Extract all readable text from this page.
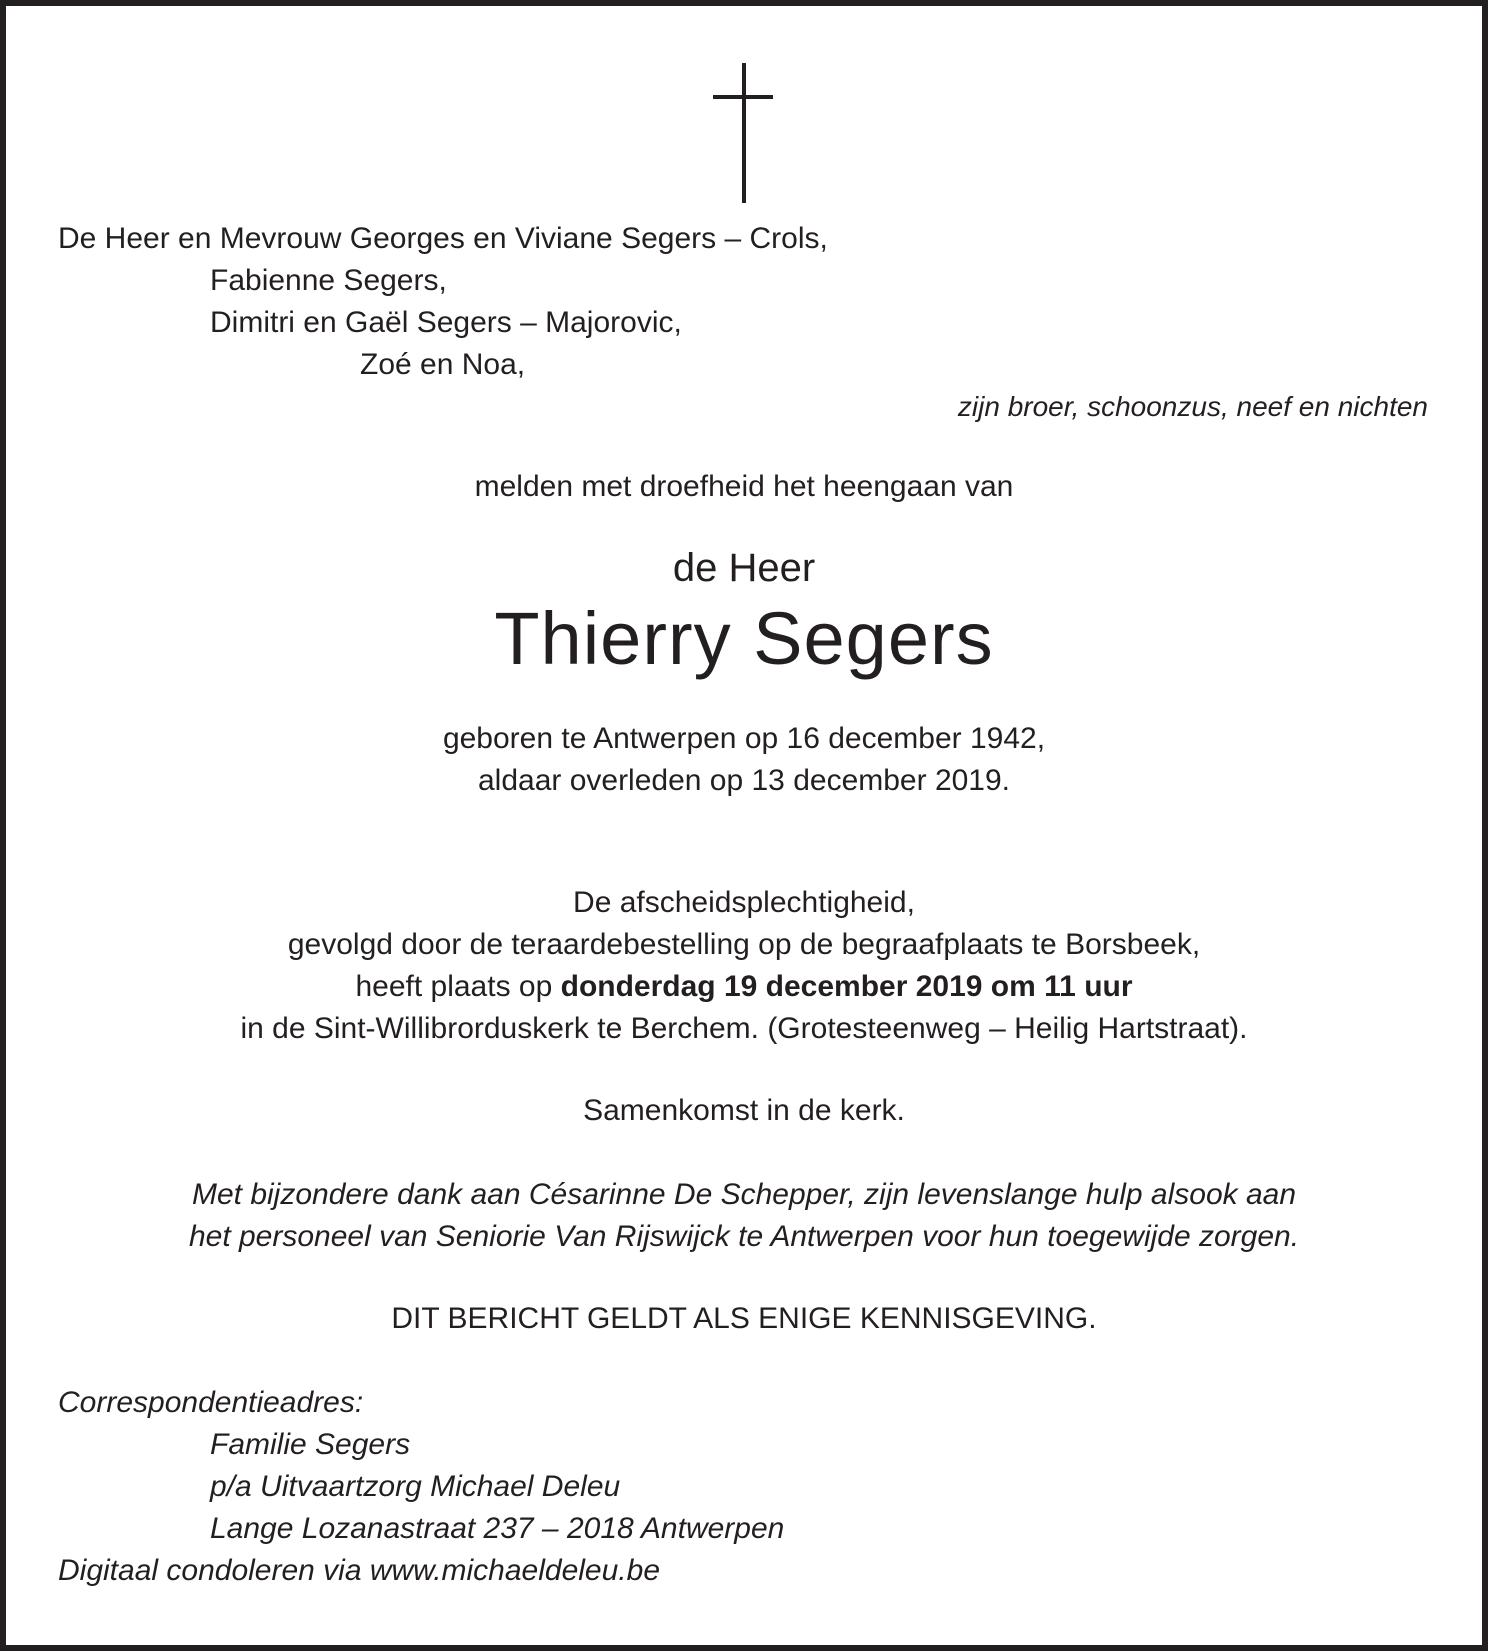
De Heer en Mevrouw Georges en Viviane Segers – Crols,

Fabienne Segers,

Dimitri en Gaël Segers – Majorovic,

Zoé en Noa,

zijn broer, schoonzus, neef en nichten

melden met droefheid het heengaan van

de Heer

Thierry Segers

geboren te Antwerpen op 16 december 1942,

aldaar overleden op 13 december 2019.

De afscheidsplechtigheid,

gevolgd door de teraardebestelling op de begraafplaats te Borsbeek,

heeft plaats op donderdag 19 december 2019 om 11 uur

in de Sint-Willibrorduskerk te Berchem. (Grotesteenweg – Heilig Hartstraat).

Samenkomst in de kerk.

Met bijzondere dank aan Césarinne De Schepper, zijn levenslange hulp alsook aan

het personeel van Seniorie Van Rijswijck te Antwerpen voor hun toegewijde zorgen.

DIT BERICHT GELDT ALS ENIGE KENNISGEVING.

Correspondentieadres:

Familie Segers

p/a Uitvaartzorg Michael Deleu

Lange Lozanastraat 237 – 2018 Antwerpen

Digitaal condoleren via www.michaeldeleu.be
